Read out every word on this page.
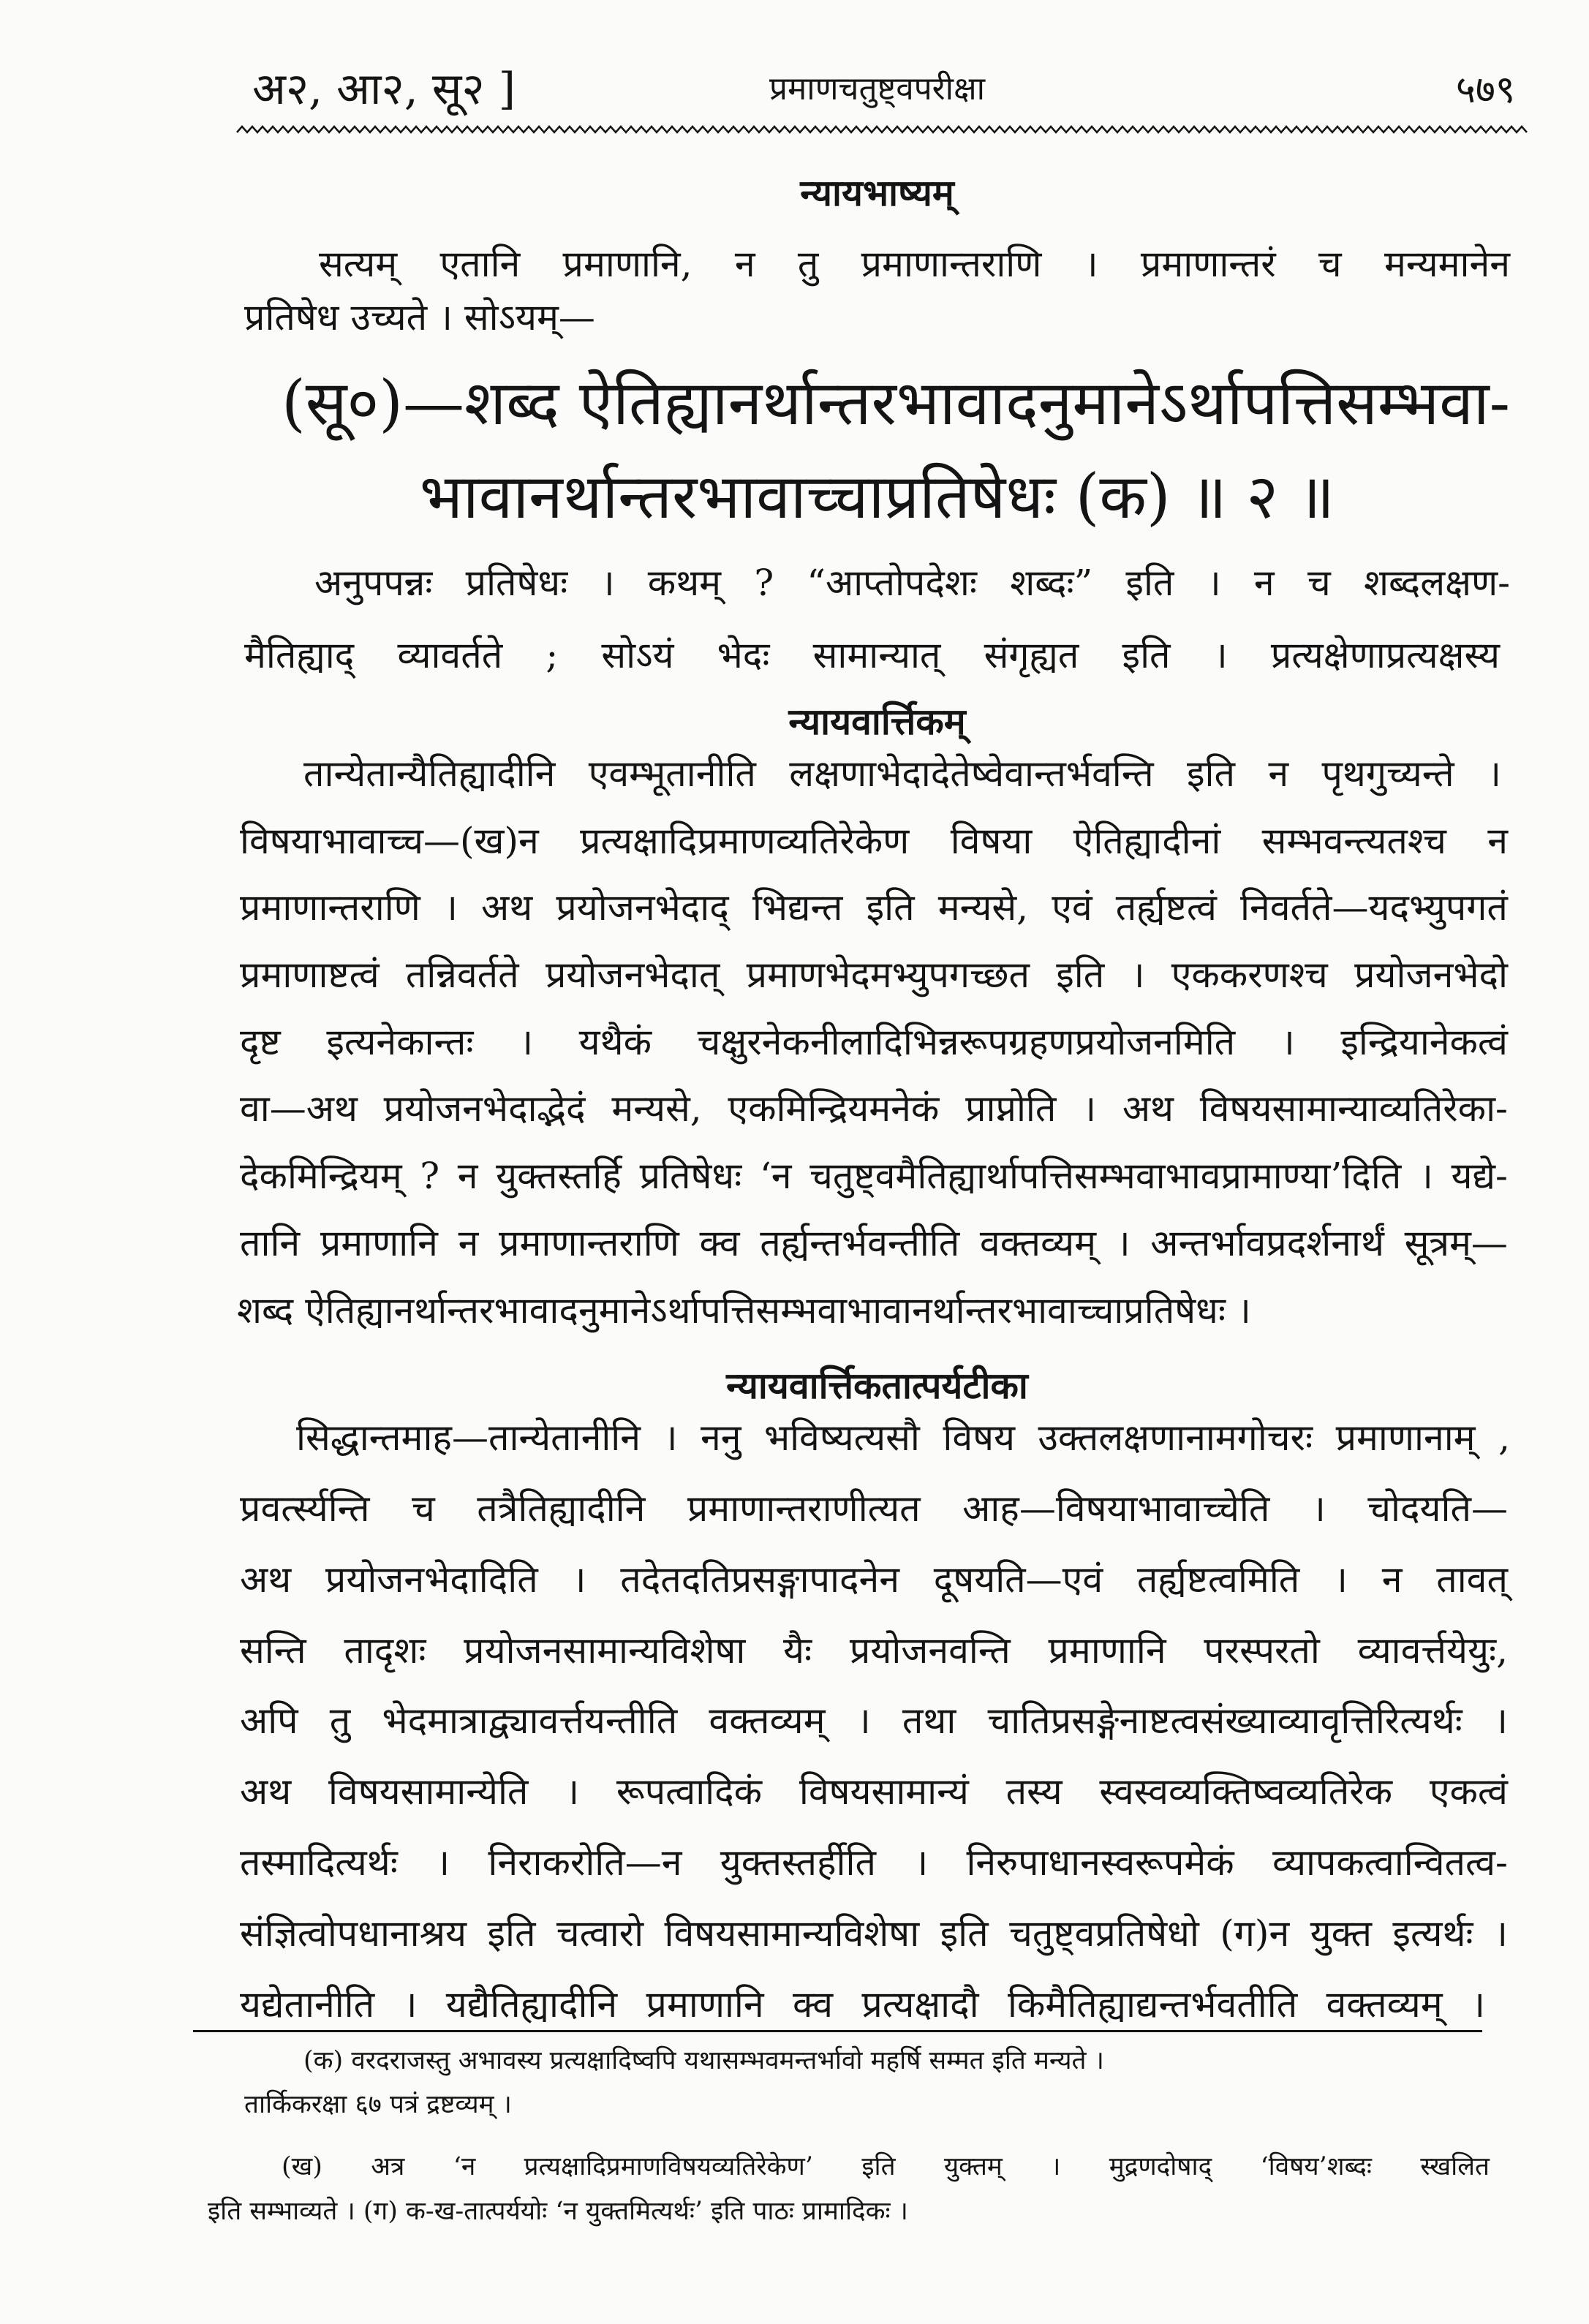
अ२, आ२, सू२ ]	प्रमाणचतुष्ट्वपरीक्षा	५७९
न्यायभाष्यम्
सत्यम् एतानि प्रमाणानि, न तु प्रमाणान्तराणि । प्रमाणान्तरं च मन्यमानेन
प्रतिषेध उच्यते । सोऽयम्—
(सू०)—शब्द ऐतिह्यानर्थान्तरभावादनुमानेऽर्थापत्तिसम्भवा-
भावानर्थान्तरभावाच्चाप्रतिषेधः (क) ॥ २ ॥
अनुपपन्नः प्रतिषेधः । कथम् ? “आप्तोपदेशः शब्दः” इति । न च शब्दलक्षण-
मैतिह्याद् व्यावर्तते ; सोऽयं भेदः सामान्यात् संगृह्यत इति । प्रत्यक्षेणाप्रत्यक्षस्य
न्यायवार्त्तिकम्
तान्येतान्यैतिह्यादीनि एवम्भूतानीति लक्षणाभेदादेतेष्वेवान्तर्भवन्ति इति न पृथगुच्यन्ते ।
विषयाभावाच्च—(ख)न प्रत्यक्षादिप्रमाणव्यतिरेकेण विषया ऐतिह्यादीनां सम्भवन्त्यतश्च न
प्रमाणान्तराणि । अथ प्रयोजनभेदाद् भिद्यन्त इति मन्यसे, एवं तर्ह्यष्टत्वं निवर्तते—यदभ्युपगतं
प्रमाणाष्टत्वं तन्निवर्तते प्रयोजनभेदात् प्रमाणभेदमभ्युपगच्छत इति । एककरणश्च प्रयोजनभेदो
दृष्ट इत्यनेकान्तः । यथैकं चक्षुरनेकनीलादिभिन्नरूपग्रहणप्रयोजनमिति । इन्द्रियानेकत्वं
वा—अथ प्रयोजनभेदाद्भेदं मन्यसे, एकमिन्द्रियमनेकं प्राप्नोति । अथ विषयसामान्याव्यतिरेका-
देकमिन्द्रियम् ? न युक्तस्तर्हि प्रतिषेधः ‘न चतुष्ट्वमैतिह्यार्थापत्तिसम्भवाभावप्रामाण्या’दिति । यद्ये-
तानि प्रमाणानि न प्रमाणान्तराणि क्व तर्ह्यन्तर्भवन्तीति वक्तव्यम् । अन्तर्भावप्रदर्शनार्थं सूत्रम्—
शब्द ऐतिह्यानर्थान्तरभावादनुमानेऽर्थापत्तिसम्भवाभावानर्थान्तरभावाच्चाप्रतिषेधः ।
न्यायवार्त्तिकतात्पर्यटीका
सिद्धान्तमाह—तान्येतानीनि । ननु भविष्यत्यसौ विषय उक्तलक्षणानामगोचरः प्रमाणानाम् ,
प्रवर्त्स्यन्ति च तत्रैतिह्यादीनि प्रमाणान्तराणीत्यत आह—विषयाभावाच्चेति । चोदयति—
अथ प्रयोजनभेदादिति । तदेतदतिप्रसङ्गापादनेन दूषयति—एवं तर्ह्यष्टत्वमिति । न तावत्
सन्ति तादृशः प्रयोजनसामान्यविशेषा यैः प्रयोजनवन्ति प्रमाणानि परस्परतो व्यावर्त्तयेयुः,
अपि तु भेदमात्राद्व्यावर्त्तयन्तीति वक्तव्यम् । तथा चातिप्रसङ्गेनाष्टत्वसंख्याव्यावृत्तिरित्यर्थः ।
अथ विषयसामान्येति । रूपत्वादिकं विषयसामान्यं तस्य स्वस्वव्यक्तिष्वव्यतिरेक एकत्वं
तस्मादित्यर्थः । निराकरोति—न युक्तस्तर्हीति । निरुपाधानस्वरूपमेकं व्यापकत्वान्वितत्व-
संज्ञित्वोपधानाश्रय इति चत्वारो विषयसामान्यविशेषा इति चतुष्ट्वप्रतिषेधो (ग)न युक्त इत्यर्थः ।
यद्येतानीति । यद्यैतिह्यादीनि प्रमाणानि क्व प्रत्यक्षादौ किमैतिह्याद्यन्तर्भवतीति वक्तव्यम् ।
(क) वरदराजस्तु अभावस्य प्रत्यक्षादिष्वपि यथासम्भवमन्तर्भावो महर्षि सम्मत इति मन्यते ।
तार्किकरक्षा ६७ पत्रं द्रष्टव्यम् ।
(ख) अत्र ‘न प्रत्यक्षादिप्रमाणविषयव्यतिरेकेण’ इति युक्तम् । मुद्रणदोषाद् ‘विषय’शब्दः स्खलित
इति सम्भाव्यते । (ग) क-ख-तात्पर्ययोः ‘न युक्तमित्यर्थः’ इति पाठः प्रामादिकः ।
